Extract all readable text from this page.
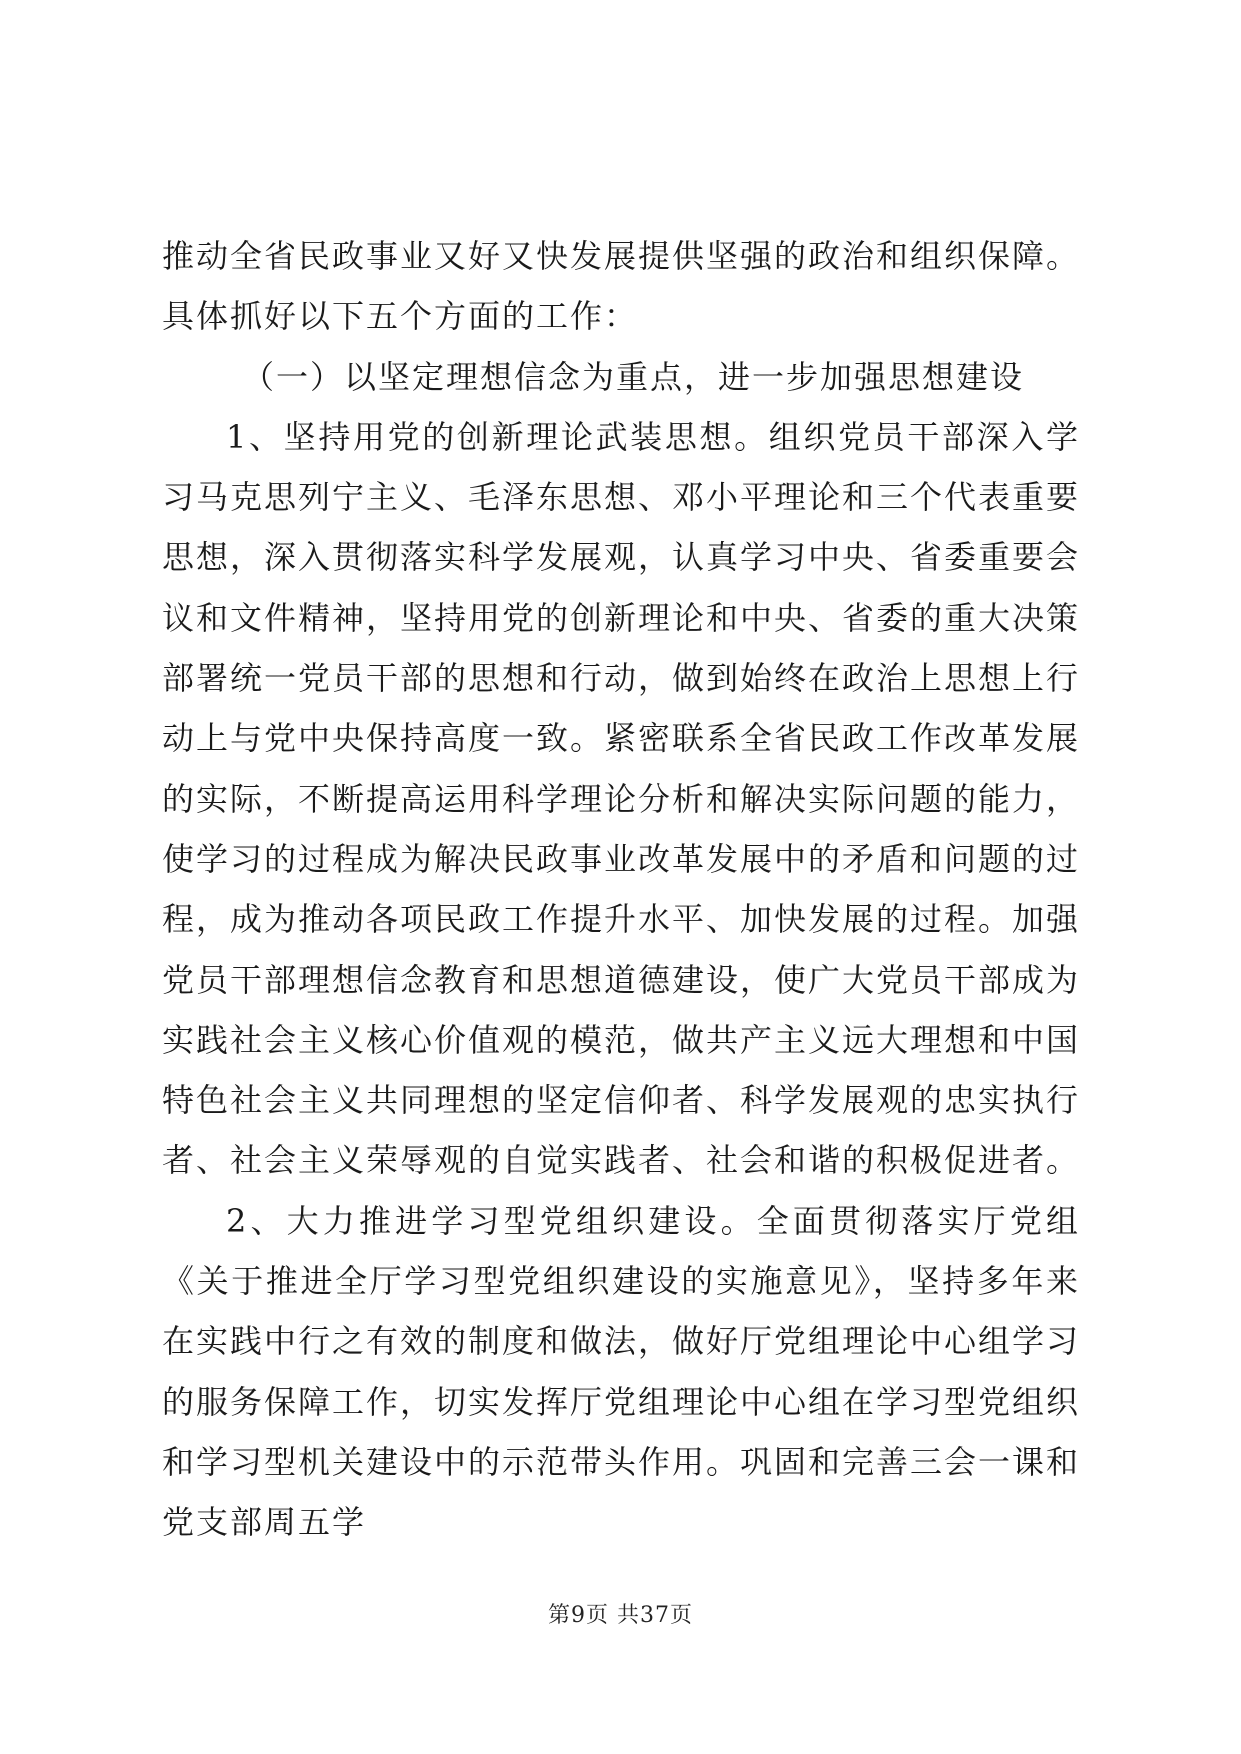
推动全省民政事业又好又快发展提供坚强的政治和组织保障。具体抓好以下五个方面的工作：

（一）以坚定理想信念为重点，进一步加强思想建设

1、坚持用党的创新理论武装思想。组织党员干部深入学习马克思列宁主义、毛泽东思想、邓小平理论和三个代表重要思想，深入贯彻落实科学发展观，认真学习中央、省委重要会议和文件精神，坚持用党的创新理论和中央、省委的重大决策部署统一党员干部的思想和行动，做到始终在政治上思想上行动上与党中央保持高度一致。紧密联系全省民政工作改革发展的实际，不断提高运用科学理论分析和解决实际问题的能力，使学习的过程成为解决民政事业改革发展中的矛盾和问题的过程，成为推动各项民政工作提升水平、加快发展的过程。加强党员干部理想信念教育和思想道德建设，使广大党员干部成为实践社会主义核心价值观的模范，做共产主义远大理想和中国特色社会主义共同理想的坚定信仰者、科学发展观的忠实执行者、社会主义荣辱观的自觉实践者、社会和谐的积极促进者。

2、大力推进学习型党组织建设。全面贯彻落实厅党组《关于推进全厅学习型党组织建设的实施意见》，坚持多年来在实践中行之有效的制度和做法，做好厅党组理论中心组学习的服务保障工作，切实发挥厅党组理论中心组在学习型党组织和学习型机关建设中的示范带头作用。巩固和完善三会一课和党支部周五学

第9页 共37页
